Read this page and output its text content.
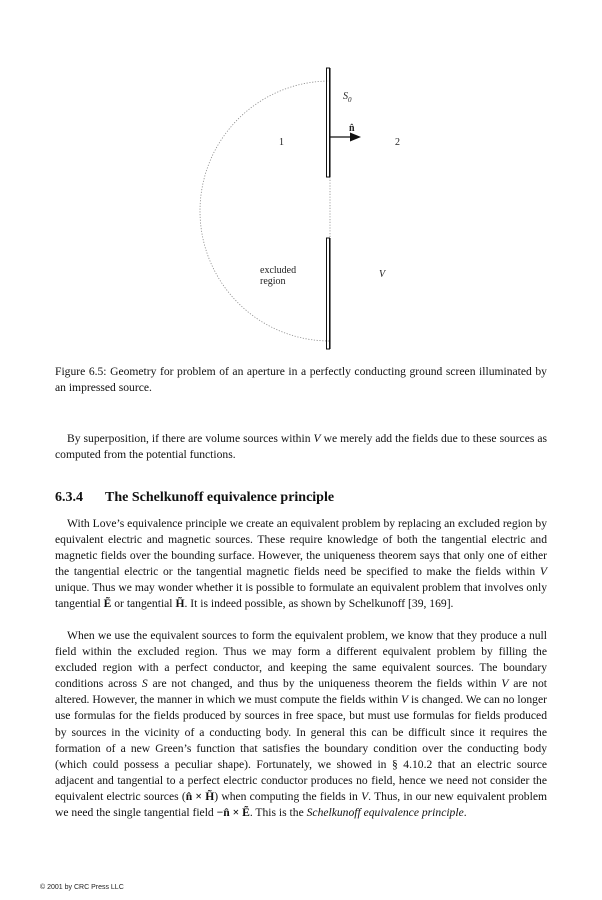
$S_0$
n̂
1	2
excluded
region
V

Figure 6.5: Geometry for problem of an aperture in a perfectly conducting ground screen illuminated by an impressed source.

By superposition, if there are volume sources within V we merely add the fields due to these sources as computed from the potential functions.

6.3.4 The Schelkunoff equivalence principle

With Love’s equivalence principle we create an equivalent problem by replacing an excluded region by equivalent electric and magnetic sources. These require knowledge of both the tangential electric and magnetic fields over the bounding surface. However, the uniqueness theorem says that only one of either the tangential electric or the tangential magnetic fields need be specified to make the fields within V unique. Thus we may wonder whether it is possible to formulate an equivalent problem that involves only tangential Ẽ or tangential H̃. It is indeed possible, as shown by Schelkunoff [39, 169].

When we use the equivalent sources to form the equivalent problem, we know that they produce a null field within the excluded region. Thus we may form a different equivalent problem by filling the excluded region with a perfect conductor, and keeping the same equivalent sources. The boundary conditions across S are not changed, and thus by the uniqueness theorem the fields within V are not altered. However, the manner in which we must compute the fields within V is changed. We can no longer use formulas for the fields produced by sources in free space, but must use formulas for fields produced by sources in the vicinity of a conducting body. In general this can be difficult since it requires the formation of a new Green’s function that satisfies the boundary condition over the conducting body (which could possess a peculiar shape). Fortunately, we showed in § 4.10.2 that an electric source adjacent and tangential to a perfect electric conductor produces no field, hence we need not consider the equivalent electric sources (n̂ × H̃) when computing the fields in V. Thus, in our new equivalent problem we need the single tangential field −n̂ × Ẽ. This is the Schelkunoff equivalence principle.

© 2001 by CRC Press LLC
